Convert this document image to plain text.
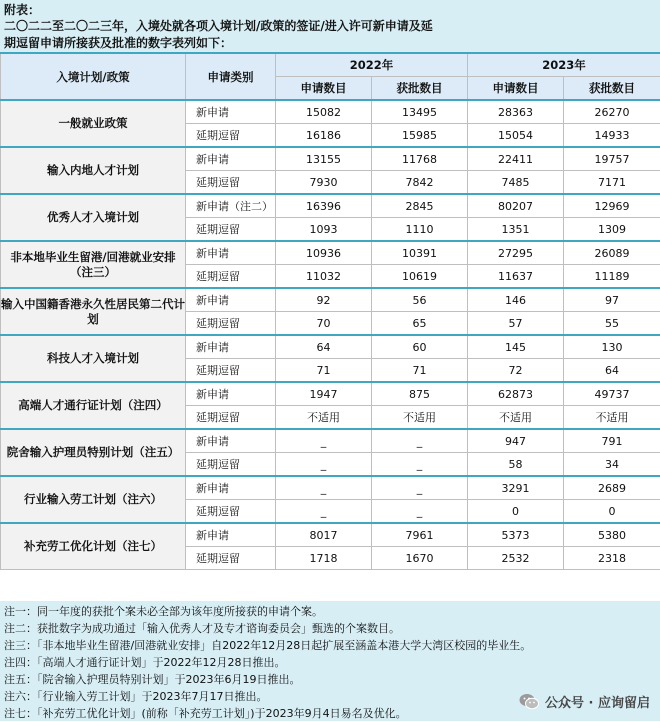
附表：
二〇二二至二〇二三年，入境处就各项入境计划/政策的签证/进入许可新申请及延
期逗留申请所接获及批准的数字表列如下：
入境计划/政策	申请类别	2022年		2023年	
		申请数目	获批数目	申请数目	获批数目
一般就业政策	新申请	15082	13495	28363	26270
	延期逗留	16186	15985	15054	14933
输入内地人才计划	新申请	13155	11768	22411	19757
	延期逗留	7930	7842	7485	7171
优秀人才入境计划	新申请（注二）	16396	2845	80207	12969
	延期逗留	1093	1110	1351	1309
非本地毕业生留港/回港就业安排（注三）	新申请	10936	10391	27295	26089
	延期逗留	11032	10619	11637	11189
输入中国籍香港永久性居民第二代计划	新申请	92	56	146	97
	延期逗留	70	65	57	55
科技人才入境计划	新申请	64	60	145	130
	延期逗留	71	71	72	64
高端人才通行证计划（注四）	新申请	1947	875	62873	49737
	延期逗留	不适用	不适用	不适用	不适用
院舍输入护理员特别计划（注五）	新申请	_	_	947	791
	延期逗留	_	_	58	34
行业输入劳工计划（注六）	新申请	_	_	3291	2689
	延期逗留	_	_	0	0
补充劳工优化计划（注七）	新申请	8017	7961	5373	5380
	延期逗留	1718	1670	2532	2318
注一：同一年度的获批个案未必全部为该年度所接获的申请个案。
注二：获批数字为成功通过「输入优秀人才及专才谘询委员会」甄选的个案数目。
注三：「非本地毕业生留港/回港就业安排」自2022年12月28日起扩展至涵盖本港大学大湾区校园的毕业生。
注四：「高端人才通行证计划」于2022年12月28日推出。
注五：「院舍输入护理员特别计划」于2023年6月19日推出。
注六：「行业输入劳工计划」于2023年7月17日推出。
注七：「补充劳工优化计划」(前称「补充劳工计划」)于2023年9月4日易名及优化。
公众号 · 应询留启
